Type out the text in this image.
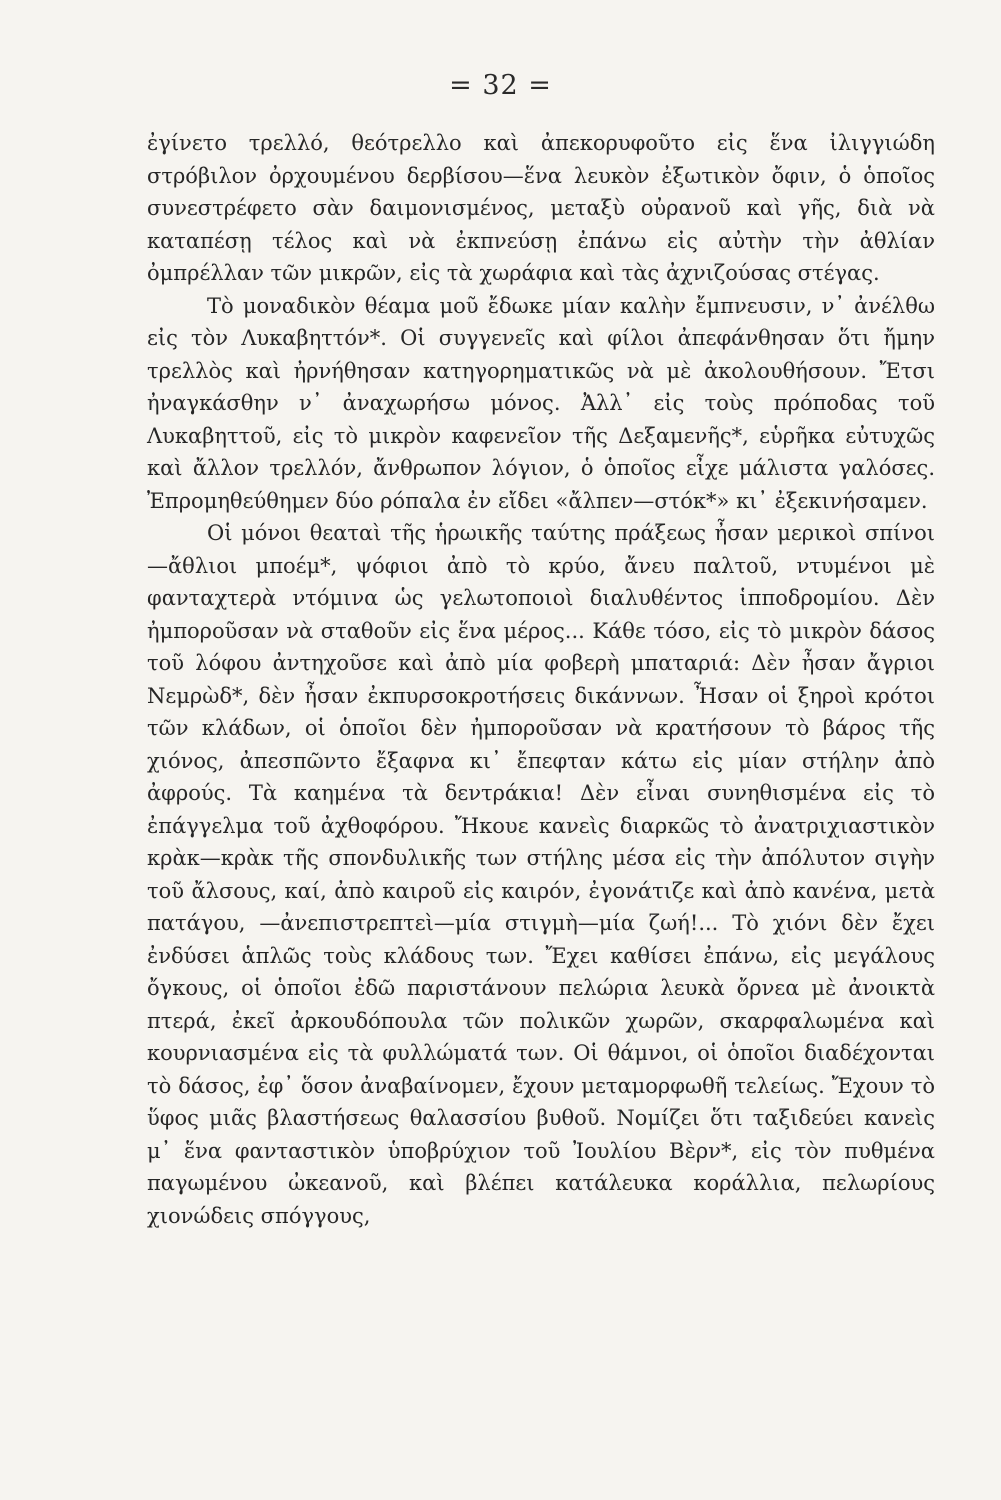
= 32 =

ἐγίνετο τρελλό, θεότρελλο καὶ ἀπεκορυφοῦτο εἰς ἕνα ἰλιγγιώδη στρόβιλον ὀρχουμένου δερβίσου—ἕνα λευκὸν ἐξωτικὸν ὄφιν, ὁ ὁποῖος συνεστρέφετο σὰν δαιμονισμένος, μεταξὺ οὐρανοῦ καὶ γῆς, διὰ νὰ καταπέσῃ τέλος καὶ νὰ ἐκπνεύσῃ ἐπάνω εἰς αὐτὴν τὴν ἀθλίαν ὀμπρέλλαν τῶν μικρῶν, εἰς τὰ χωράφια καὶ τὰς ἀχνιζούσας στέγας.

Τὸ μοναδικὸν θέαμα μοῦ ἔδωκε μίαν καλὴν ἔμπνευσιν, ν᾽ ἀνέλθω εἰς τὸν Λυκαβηττόν*. Οἱ συγγενεῖς καὶ φίλοι ἀπεφάνθησαν ὅτι ἤμην τρελλὸς καὶ ἠρνήθησαν κατηγορηματικῶς νὰ μὲ ἀκολουθήσουν. Ἔτσι ἠναγκάσθην ν᾽ ἀναχωρήσω μόνος. Ἀλλ᾽ εἰς τοὺς πρόποδας τοῦ Λυκαβηττοῦ, εἰς τὸ μικρὸν καφενεῖον τῆς Δεξαμενῆς*, εὑρῆκα εὐτυχῶς καὶ ἄλλον τρελλόν, ἄνθρωπον λόγιον, ὁ ὁποῖος εἶχε μάλιστα γαλόσες. Ἐπρομηθεύθημεν δύο ρόπαλα ἐν εἴδει «ἄλπεν—στόκ*» κι᾽ ἐξεκινήσαμεν.

Οἱ μόνοι θεαταὶ τῆς ἡρωικῆς ταύτης πράξεως ἦσαν μερικοὶ σπίνοι—ἄθλιοι μποέμ*, ψόφιοι ἀπὸ τὸ κρύο, ἄνευ παλτοῦ, ντυμένοι μὲ φανταχτερὰ ντόμινα ὡς γελωτοποιοὶ διαλυθέντος ἱπποδρομίου. Δὲν ἠμποροῦσαν νὰ σταθοῦν εἰς ἕνα μέρος... Κάθε τόσο, εἰς τὸ μικρὸν δάσος τοῦ λόφου ἀντηχοῦσε καὶ ἀπὸ μία φοβερὴ μπαταριά: Δὲν ἦσαν ἄγριοι Νεμρὼδ*, δὲν ἦσαν ἐκπυρσοκροτήσεις δικάννων. Ἦσαν οἱ ξηροὶ κρότοι τῶν κλάδων, οἱ ὁποῖοι δὲν ἠμποροῦσαν νὰ κρατήσουν τὸ βάρος τῆς χιόνος, ἀπεσπῶντο ἔξαφνα κι᾽ ἔπεφταν κάτω εἰς μίαν στήλην ἀπὸ ἀφρούς. Τὰ καημένα τὰ δεντράκια! Δὲν εἶναι συνηθισμένα εἰς τὸ ἐπάγγελμα τοῦ ἀχθοφόρου. Ἤκουε κανεὶς διαρκῶς τὸ ἀνατριχιαστικὸν κρὰκ—κρὰκ τῆς σπονδυλικῆς των στήλης μέσα εἰς τὴν ἀπόλυτον σιγὴν τοῦ ἄλσους, καί, ἀπὸ καιροῦ εἰς καιρόν, ἐγονάτιζε καὶ ἀπὸ κανένα, μετὰ πατάγου, —ἀνεπιστρεπτεὶ—μία στιγμὴ—μία ζωή!... Τὸ χιόνι δὲν ἔχει ἐνδύσει ἁπλῶς τοὺς κλάδους των. Ἔχει καθίσει ἐπάνω, εἰς μεγάλους ὄγκους, οἱ ὁποῖοι ἐδῶ παριστάνουν πελώρια λευκὰ ὄρνεα μὲ ἀνοικτὰ πτερά, ἐκεῖ ἀρκουδόπουλα τῶν πολικῶν χωρῶν, σκαρφαλωμένα καὶ κουρνιασμένα εἰς τὰ φυλλώματά των. Οἱ θάμνοι, οἱ ὁποῖοι διαδέχονται τὸ δάσος, ἐφ᾽ ὅσον ἀναβαίνομεν, ἔχουν μεταμορφωθῆ τελείως. Ἔχουν τὸ ὕφος μιᾶς βλαστήσεως θαλασσίου βυθοῦ. Νομίζει ὅτι ταξιδεύει κανεὶς μ᾽ ἕνα φανταστικὸν ὑποβρύχιον τοῦ Ἰουλίου Βὲρν*, εἰς τὸν πυθμένα παγωμένου ὠκεανοῦ, καὶ βλέπει κατάλευκα κοράλλια, πελωρίους χιονώδεις σπόγγους,
